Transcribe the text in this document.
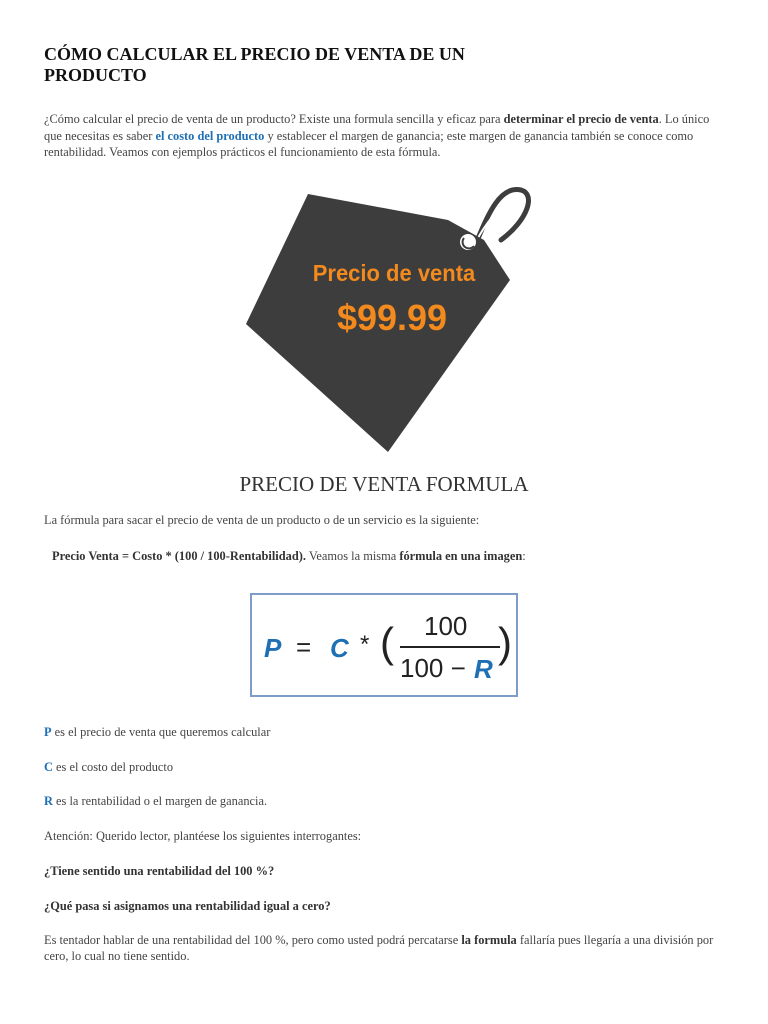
CÓMO CALCULAR EL PRECIO DE VENTA DE UN PRODUCTO

¿Cómo calcular el precio de venta de un producto? Existe una formula sencilla y eficaz para determinar el precio de venta. Lo único que necesitas es saber el costo del producto y establecer el margen de ganancia; este margen de ganancia también se conoce como rentabilidad. Veamos con ejemplos prácticos el funcionamiento de esta fórmula.

Precio de venta
$99.99
PRECIO DE VENTA FORMULA

La fórmula para sacar el precio de venta de un producto o de un servicio es la siguiente:

Precio Venta = Costo * (100 / 100-Rentabilidad). Veamos la misma fórmula en una imagen:

P = C * ( 100
100 − R
)

P es el precio de venta que queremos calcular

C es el costo del producto

R es la rentabilidad o el margen de ganancia.

Atención: Querido lector, plantéese los siguientes interrogantes:

¿Tiene sentido una rentabilidad del 100 %?

¿Qué pasa si asignamos una rentabilidad igual a cero?

Es tentador hablar de una rentabilidad del 100 %, pero como usted podrá percatarse la formula fallaría pues llegaría a una división por cero, lo cual no tiene sentido.
